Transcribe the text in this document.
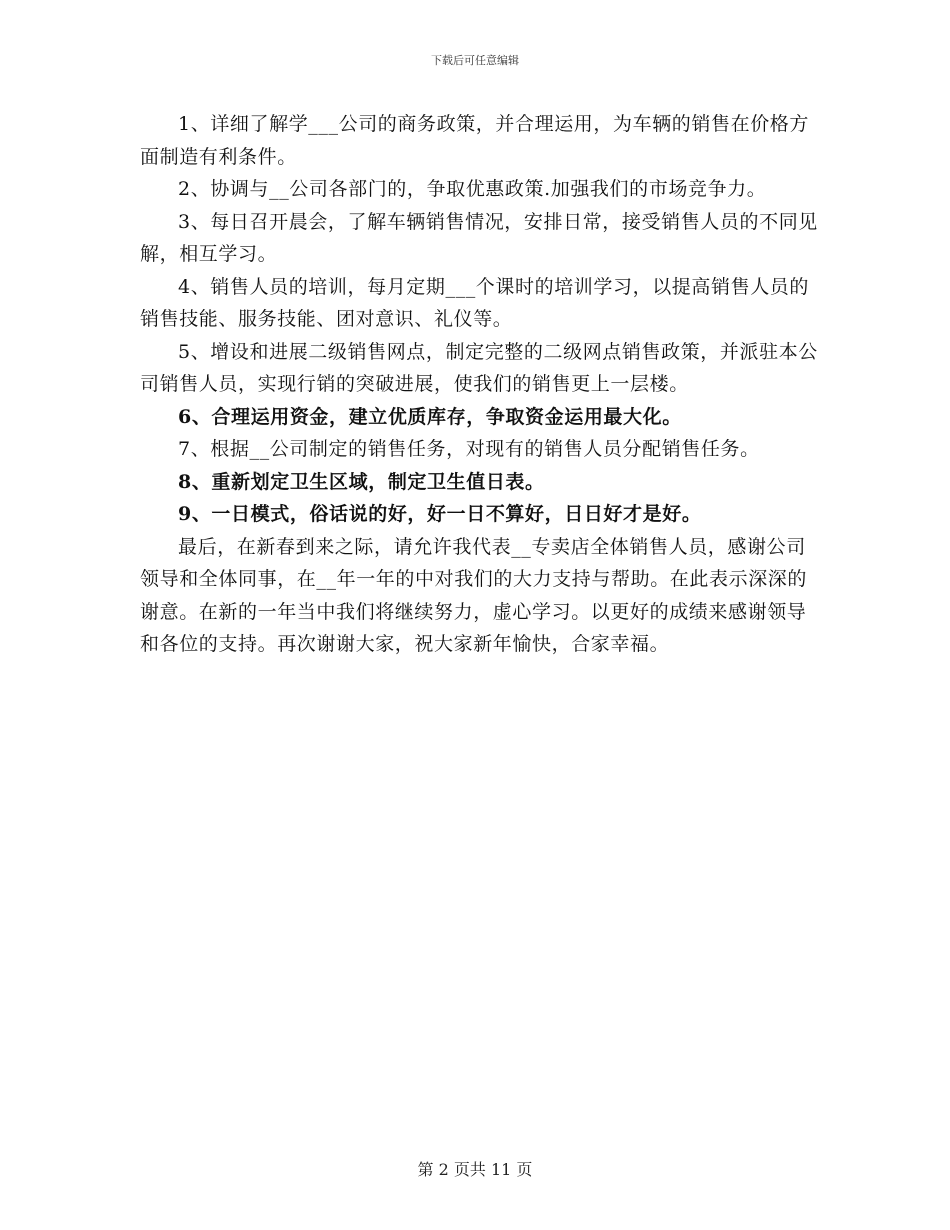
下载后可任意编辑

1、详细了解学___公司的商务政策，并合理运用，为车辆的销售在价格方面制造有利条件。

2、协调与__公司各部门的，争取优惠政策.加强我们的市场竞争力。

3、每日召开晨会，了解车辆销售情况，安排日常，接受销售人员的不同见解，相互学习。

4、销售人员的培训，每月定期___个课时的培训学习，以提高销售人员的销售技能、服务技能、团对意识、礼仪等。

5、增设和进展二级销售网点，制定完整的二级网点销售政策，并派驻本公司销售人员，实现行销的突破进展，使我们的销售更上一层楼。

6、合理运用资金，建立优质库存，争取资金运用最大化。

7、根据__公司制定的销售任务，对现有的销售人员分配销售任务。

8、重新划定卫生区域，制定卫生值日表。

9、一日模式，俗话说的好，好一日不算好，日日好才是好。

最后，在新春到来之际，请允许我代表__专卖店全体销售人员，感谢公司领导和全体同事，在__年一年的中对我们的大力支持与帮助。在此表示深深的谢意。在新的一年当中我们将继续努力，虚心学习。以更好的成绩来感谢领导和各位的支持。再次谢谢大家，祝大家新年愉快，合家幸福。

第 2 页共 11 页
